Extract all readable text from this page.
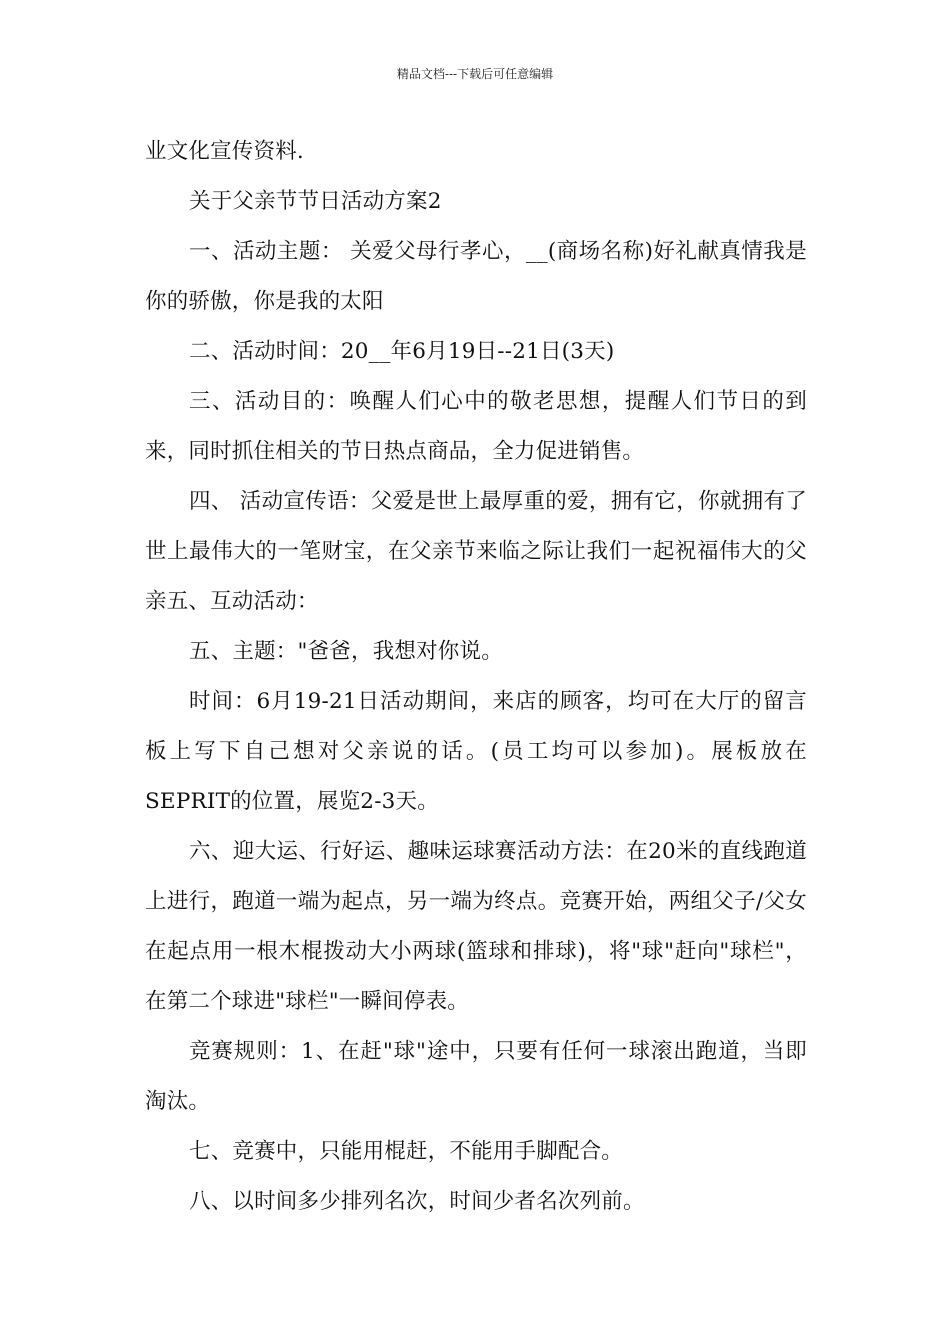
精品文档---下载后可任意编辑

业文化宣传资料.

关于父亲节节日活动方案2

一、活动主题： 关爱父母行孝心，__(商场名称)好礼献真情我是你的骄傲，你是我的太阳

二、活动时间：20__年6月19日--21日(3天)

三、活动目的：唤醒人们心中的敬老思想，提醒人们节日的到来，同时抓住相关的节日热点商品，全力促进销售。

四、 活动宣传语：父爱是世上最厚重的爱，拥有它，你就拥有了世上最伟大的一笔财宝，在父亲节来临之际让我们一起祝福伟大的父亲五、互动活动：

五、主题："爸爸，我想对你说。

时间：6月19-21日活动期间，来店的顾客，均可在大厅的留言板上写下自己想对父亲说的话。(员工均可以参加)。展板放在SEPRIT的位置，展览2-3天。

六、迎大运、行好运、趣味运球赛活动方法：在20米的直线跑道上进行，跑道一端为起点，另一端为终点。竞赛开始，两组父子/父女在起点用一根木棍拨动大小两球(篮球和排球)，将"球"赶向"球栏"，在第二个球进"球栏"一瞬间停表。

竞赛规则：1、在赶"球"途中，只要有任何一球滚出跑道，当即淘汰。

七、竞赛中，只能用棍赶，不能用手脚配合。

八、以时间多少排列名次，时间少者名次列前。
